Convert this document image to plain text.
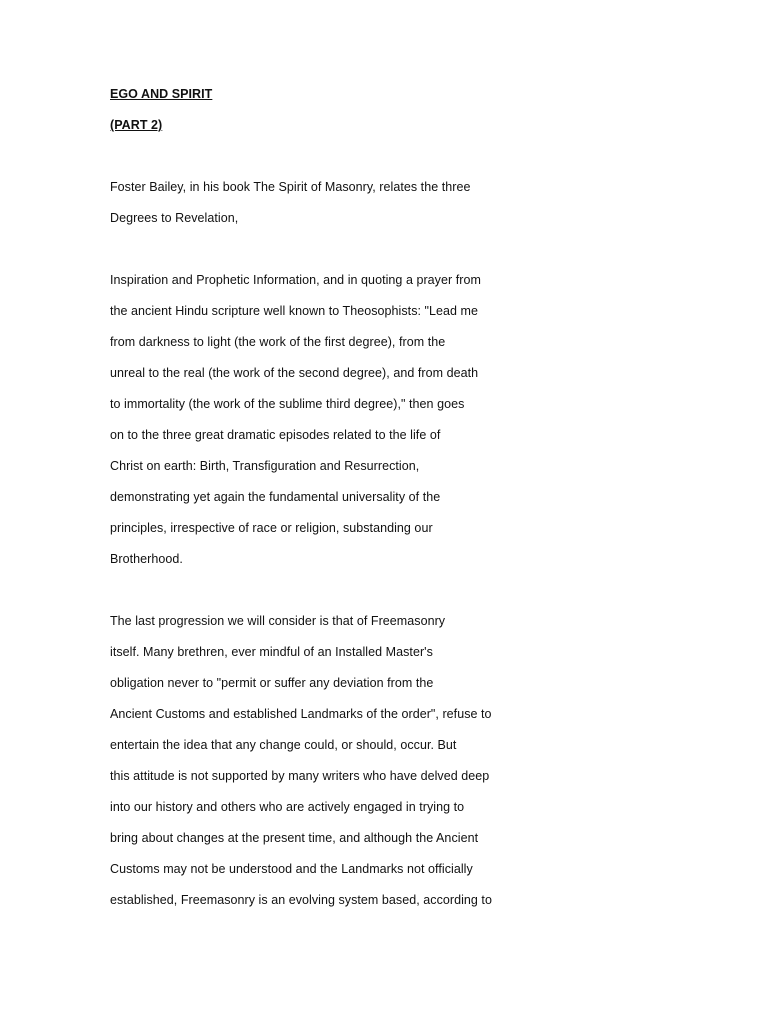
EGO AND SPIRIT
(PART 2)
Foster Bailey, in his book The Spirit of Masonry, relates the three
Degrees to Revelation,
Inspiration and Prophetic Information, and in quoting a prayer from
the ancient Hindu scripture well known to Theosophists: "Lead me
from darkness to light (the work of the first degree), from the
unreal to the real (the work of the second degree), and from death
to immortality (the work of the sublime third degree)," then goes
on to the three great dramatic episodes related to the life of
Christ on earth: Birth, Transfiguration and Resurrection,
demonstrating yet again the fundamental universality of the
principles, irrespective of race or religion, substanding our
Brotherhood.
The last progression we will consider is that of Freemasonry
itself. Many brethren, ever mindful of an Installed Master's
obligation never to "permit or suffer any deviation from the
Ancient Customs and established Landmarks of the order", refuse to
entertain the idea that any change could, or should, occur. But
this attitude is not supported by many writers who have delved deep
into our history and others who are actively engaged in trying to
bring about changes at the present time, and although the Ancient
Customs may not be understood and the Landmarks not officially
established, Freemasonry is an evolving system based, according to
